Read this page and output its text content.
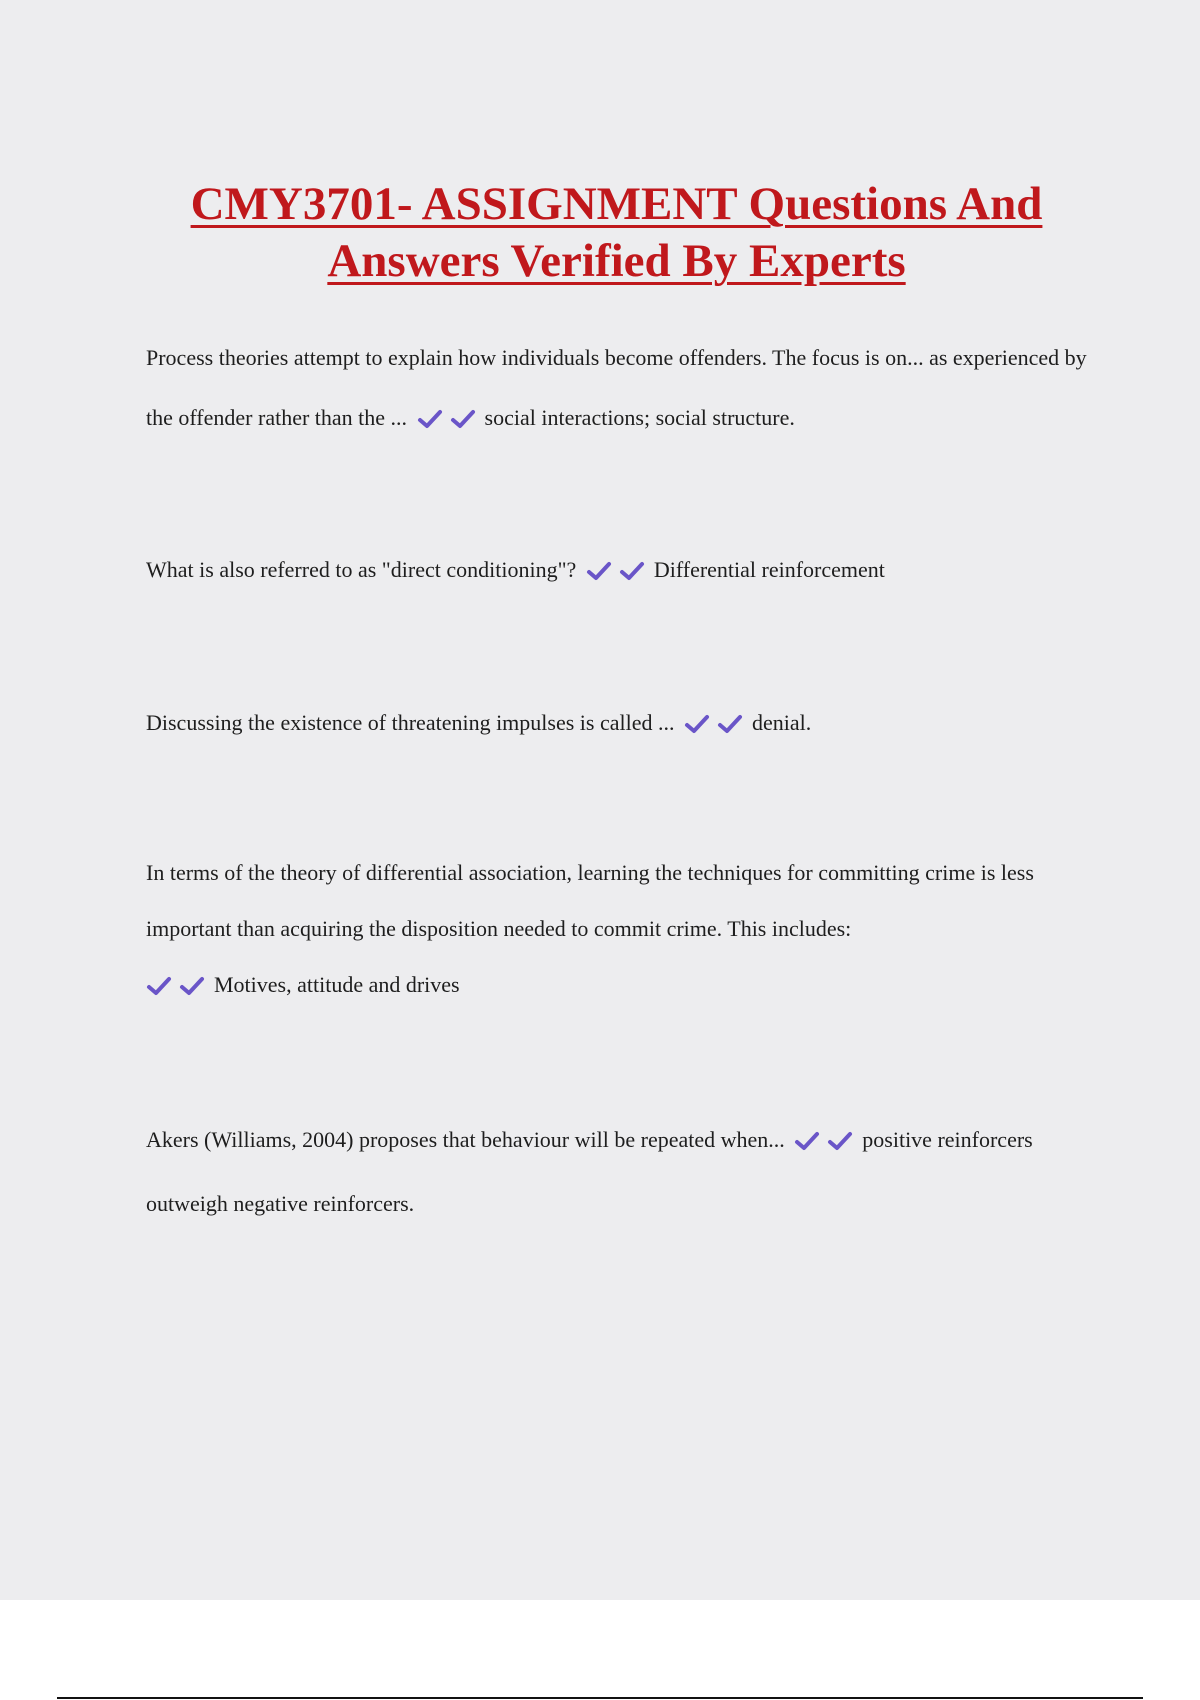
CMY3701- ASSIGNMENT Questions And Answers Verified By Experts
Process theories attempt to explain how individuals become offenders. The focus is on... as experienced by the offender rather than the ...	social interactions; social structure.
What is also referred to as "direct conditioning"?	Differential reinforcement
Discussing the existence of threatening impulses is called ...	denial.
In terms of the theory of differential association, learning the techniques for committing crime is less important than acquiring the disposition needed to commit crime. This includes:
Motives, attitude and drives
Akers (Williams, 2004) proposes that behaviour will be repeated when...	positive reinforcers outweigh negative reinforcers.
